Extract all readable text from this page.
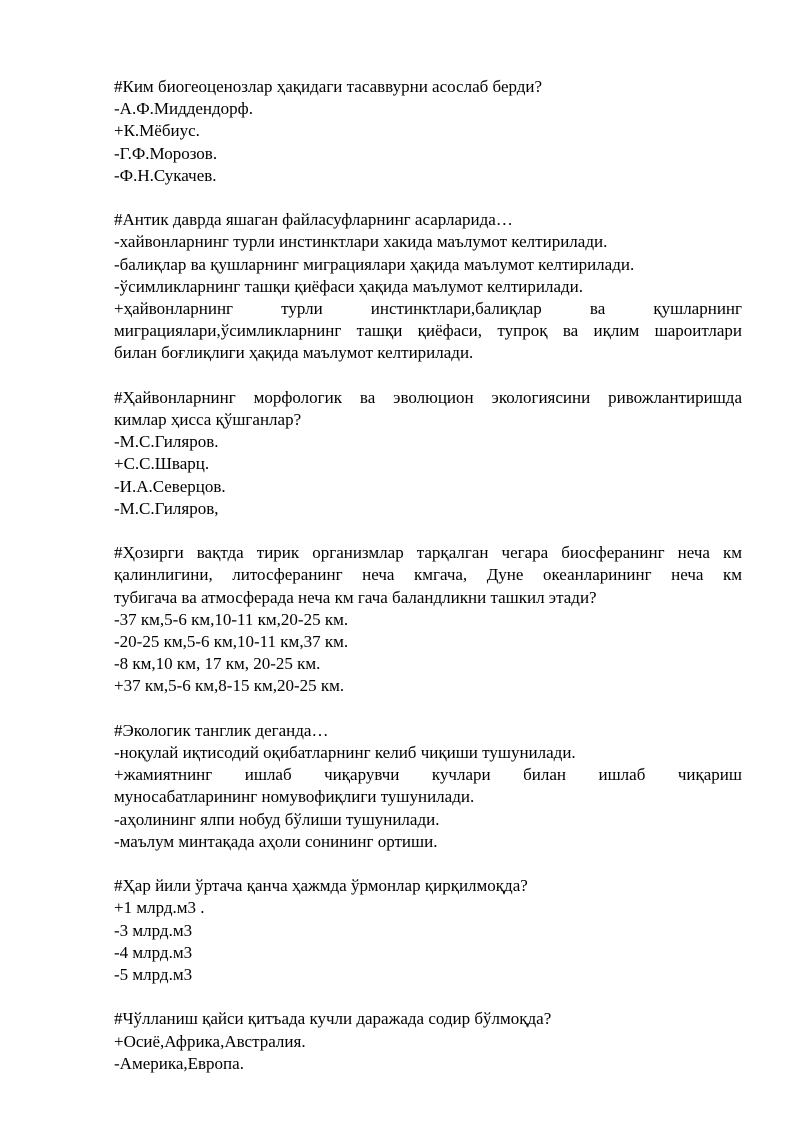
#Ким биогеоценозлар ҳақидаги тасаввурни асослаб берди?
-А.Ф.Миддендорф.
+К.Мёбиус.
-Г.Ф.Морозов.
-Ф.Н.Сукачев.
#Антик даврда яшаган файласуфларнинг асарларида…
-хайвонларнинг турли инстинктлари хакида маълумот келтирилади.
-балиқлар ва қушларнинг миграциялари ҳақида маълумот келтирилади.
-ўсимликларнинг ташқи қиёфаси ҳақида маълумот келтирилади.
+ҳайвонларнинг турли инстинктлари,балиқлар ва қушларнинг
миграциялари,ўсимликларнинг ташқи қиёфаси, тупроқ ва иқлим шароитлари
билан боғлиқлиги ҳақида маълумот келтирилади.
#Ҳайвонларнинг морфологик ва эволюцион экологиясини ривожлантиришда
кимлар ҳисса қўшганлар?
-М.С.Гиляров.
+С.С.Шварц.
-И.А.Северцов.
-М.С.Гиляров,
#Ҳозирги вақтда тирик организмлар тарқалган чегара биосферанинг неча км
қалинлигини, литосферанинг неча кмгача, Дуне океанларининг неча км
тубигача ва атмосферада неча км гача баландликни ташкил этади?
-37 км,5-6 км,10-11 км,20-25 км.
-20-25 км,5-6 км,10-11 км,37 км.
-8 км,10 км, 17 км, 20-25 км.
+37 км,5-6 км,8-15 км,20-25 км.
#Экологик танглик деганда…
-ноқулай иқтисодий оқибатларнинг келиб чиқиши тушунилади.
+жамиятнинг ишлаб чиқарувчи кучлари билан ишлаб чиқариш
муносабатларининг номувофиқлиги тушунилади.
-аҳолининг ялпи нобуд бўлиши тушунилади.
-маълум минтақада аҳоли сонининг ортиши.
#Ҳар йили ўртача қанча ҳажмда ўрмонлар қирқилмоқда?
+1 млрд.м3 .
-3 млрд.м3
-4 млрд.м3
-5 млрд.м3
#Чўлланиш қайси қитъада кучли даражада содир бўлмоқда?
+Осиё,Африка,Австралия.
-Америка,Европа.
